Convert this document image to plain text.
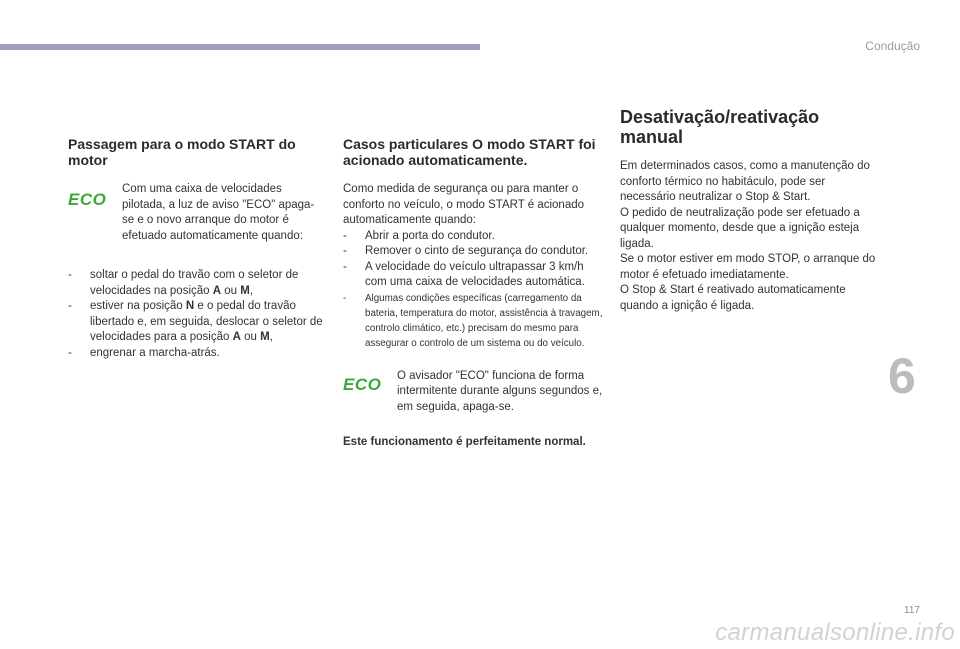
Condução
6
117
carmanualsonline.info
Passagem para o modo START do motor
ECO
Com uma caixa de velocidades pilotada, a luz de aviso "ECO" apaga-se e o novo arranque do motor é efetuado automaticamente quando:
- soltar o pedal do travão com o seletor de velocidades na posição A ou M,
- estiver na posição N e o pedal do travão libertado e, em seguida, deslocar o seletor de velocidades para a posição A ou M,
- engrenar a marcha-atrás.
Casos particulares O modo START foi acionado automaticamente.

Como medida de segurança ou para manter o conforto no veículo, o modo START é acionado automaticamente quando:

- Abrir a porta do condutor.
- Remover o cinto de segurança do condutor.
- A velocidade do veículo ultrapassar 3 km/h com uma caixa de velocidades automática.
- Algumas condições específicas (carregamento da bateria, temperatura do motor, assistência à travagem, controlo climático, etc.) precisam do mesmo para assegurar o controlo de um sistema ou do veículo.
ECO	O avisador "ECO" funciona de forma intermitente durante alguns segundos e, em seguida, apaga-se.

Este funcionamento é perfeitamente normal.

Desativação/reativação manual

Em determinados casos, como a manutenção do conforto térmico no habitáculo, pode ser necessário neutralizar o Stop & Start.

O pedido de neutralização pode ser efetuado a qualquer momento, desde que a ignição esteja ligada.

Se o motor estiver em modo STOP, o arranque do motor é efetuado imediatamente.

O Stop & Start é reativado automaticamente quando a ignição é ligada.
